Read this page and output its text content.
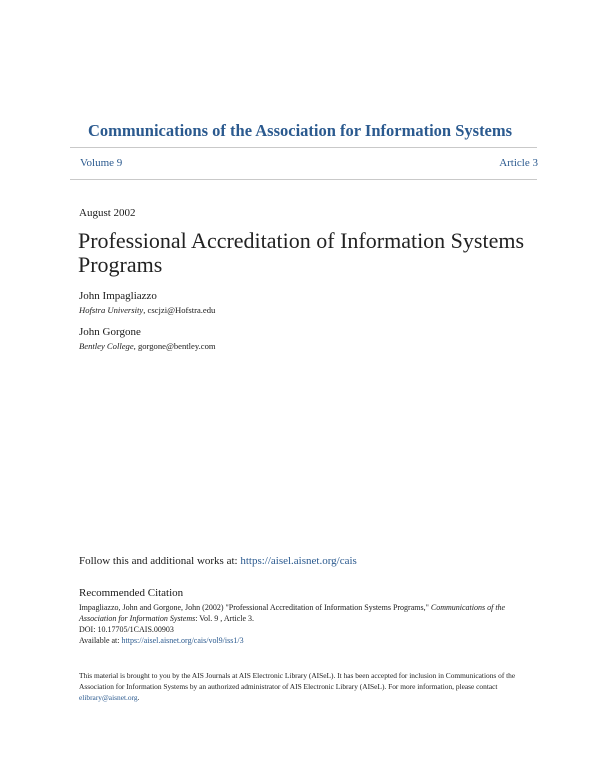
Communications of the Association for Information Systems
Volume 9	Article 3
August 2002
Professional Accreditation of Information Systems Programs
John Impagliazzo
Hofstra University, cscjzi@Hofstra.edu
John Gorgone
Bentley College, gorgone@bentley.com
Follow this and additional works at: https://aisel.aisnet.org/cais
Recommended Citation
Impagliazzo, John and Gorgone, John (2002) "Professional Accreditation of Information Systems Programs," Communications of the Association for Information Systems: Vol. 9 , Article 3.
DOI: 10.17705/1CAIS.00903
Available at: https://aisel.aisnet.org/cais/vol9/iss1/3
This material is brought to you by the AIS Journals at AIS Electronic Library (AISeL). It has been accepted for inclusion in Communications of the Association for Information Systems by an authorized administrator of AIS Electronic Library (AISeL). For more information, please contact elibrary@aisnet.org.
